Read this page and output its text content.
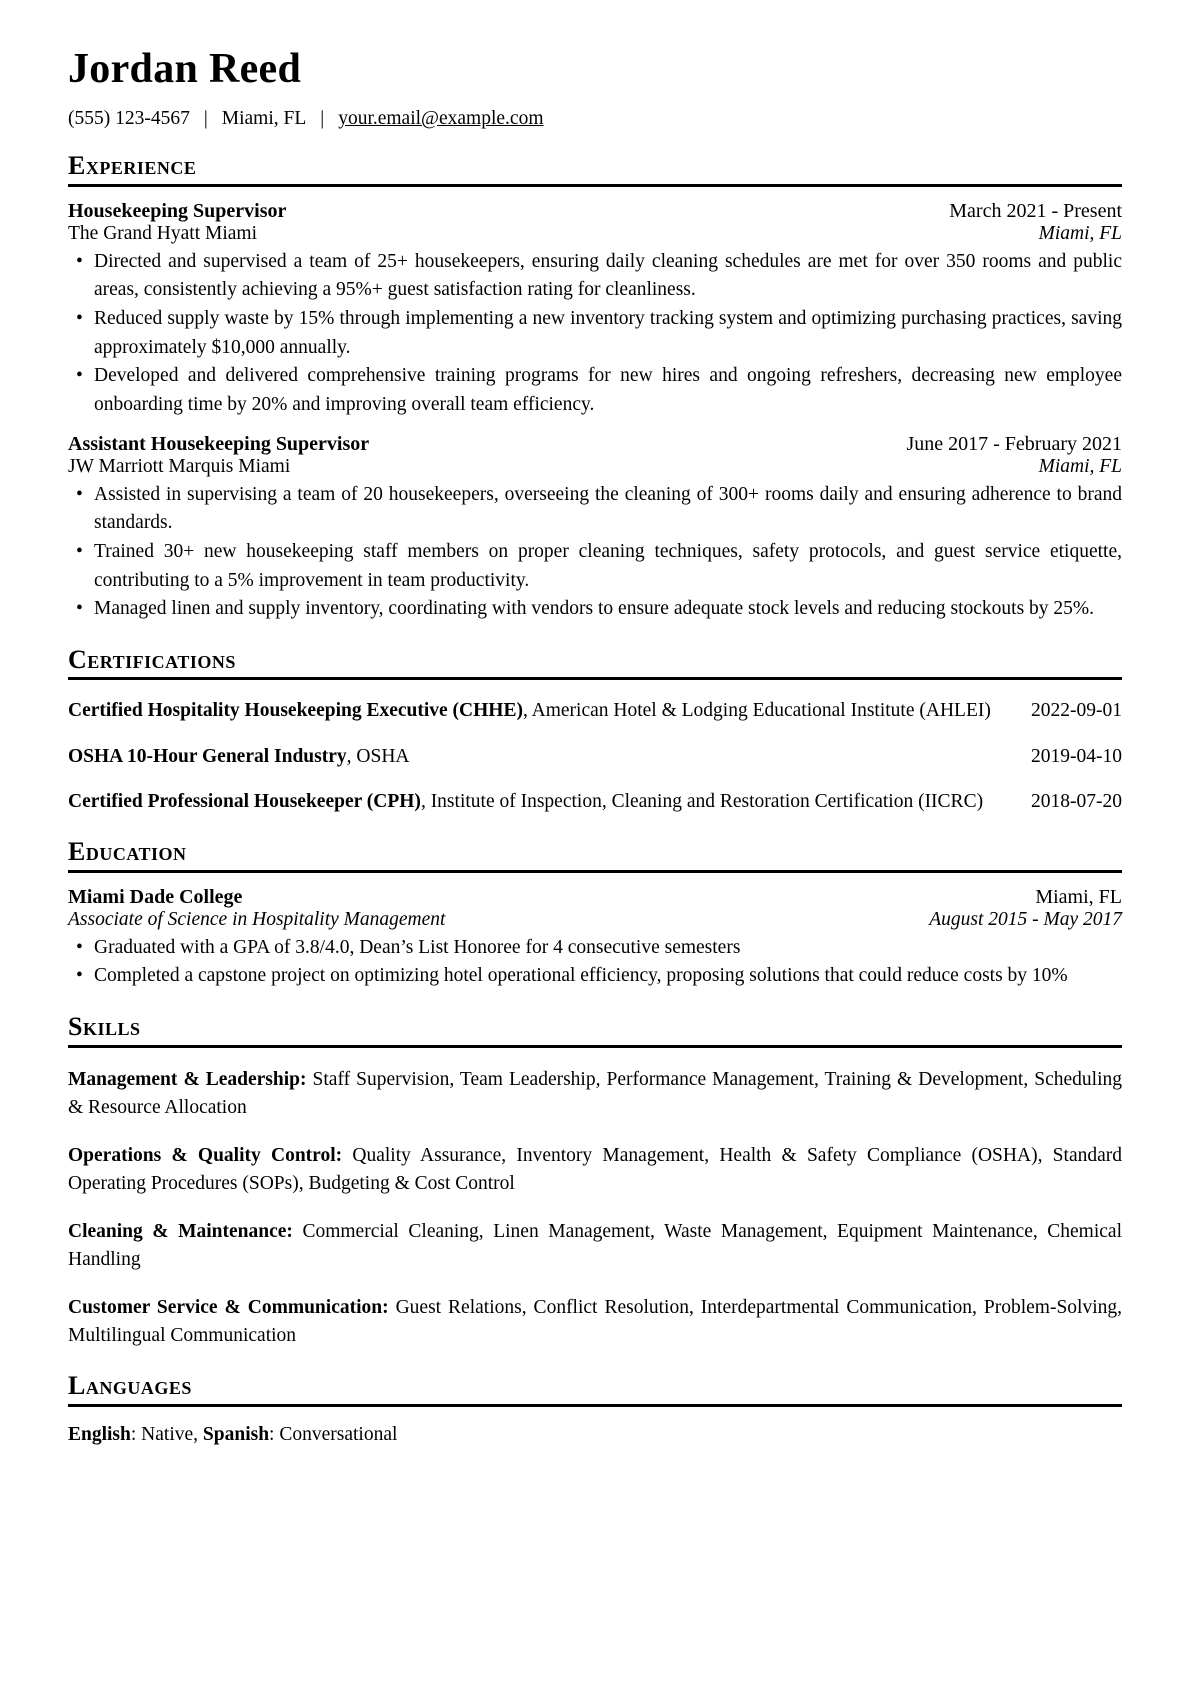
Jordan Reed
(555) 123-4567 | Miami, FL | your.email@example.com
Experience
Housekeeping Supervisor	March 2021 - Present
The Grand Hyatt Miami	Miami, FL
• Directed and supervised a team of 25+ housekeepers, ensuring daily cleaning schedules are met for over 350 rooms and public areas, consistently achieving a 95%+ guest satisfaction rating for cleanliness.
• Reduced supply waste by 15% through implementing a new inventory tracking system and optimizing purchasing practices, saving approximately $10,000 annually.
• Developed and delivered comprehensive training programs for new hires and ongoing refreshers, decreasing new employee onboarding time by 20% and improving overall team efficiency.
Assistant Housekeeping Supervisor	June 2017 - February 2021
JW Marriott Marquis Miami	Miami, FL
• Assisted in supervising a team of 20 housekeepers, overseeing the cleaning of 300+ rooms daily and ensuring adherence to brand standards.
• Trained 30+ new housekeeping staff members on proper cleaning techniques, safety protocols, and guest service etiquette, contributing to a 5% improvement in team productivity.
• Managed linen and supply inventory, coordinating with vendors to ensure adequate stock levels and reducing stockouts by 25%.
Certifications
Certified Hospitality Housekeeping Executive (CHHE), American Hotel & Lodging Educational Institute (AHLEI) 2022-09-01
OSHA 10-Hour General Industry, OSHA	2019-04-10
Certified Professional Housekeeper (CPH), Institute of Inspection, Cleaning and Restoration Certification (IICRC) 2018-07-20
Education
Miami Dade College	Miami, FL
Associate of Science in Hospitality Management	August 2015 - May 2017
• Graduated with a GPA of 3.8/4.0, Dean’s List Honoree for 4 consecutive semesters
• Completed a capstone project on optimizing hotel operational efficiency, proposing solutions that could reduce costs by 10%
Skills

Management & Leadership: Staff Supervision, Team Leadership, Performance Management, Training & Development, Scheduling & Resource Allocation

Operations & Quality Control: Quality Assurance, Inventory Management, Health & Safety Compliance (OSHA), Standard Operating Procedures (SOPs), Budgeting & Cost Control

Cleaning & Maintenance: Commercial Cleaning, Linen Management, Waste Management, Equipment Maintenance, Chemical Handling

Customer Service & Communication: Guest Relations, Conflict Resolution, Interdepartmental Communication, Problem-Solving, Multilingual Communication

Languages

English: Native, Spanish: Conversational
